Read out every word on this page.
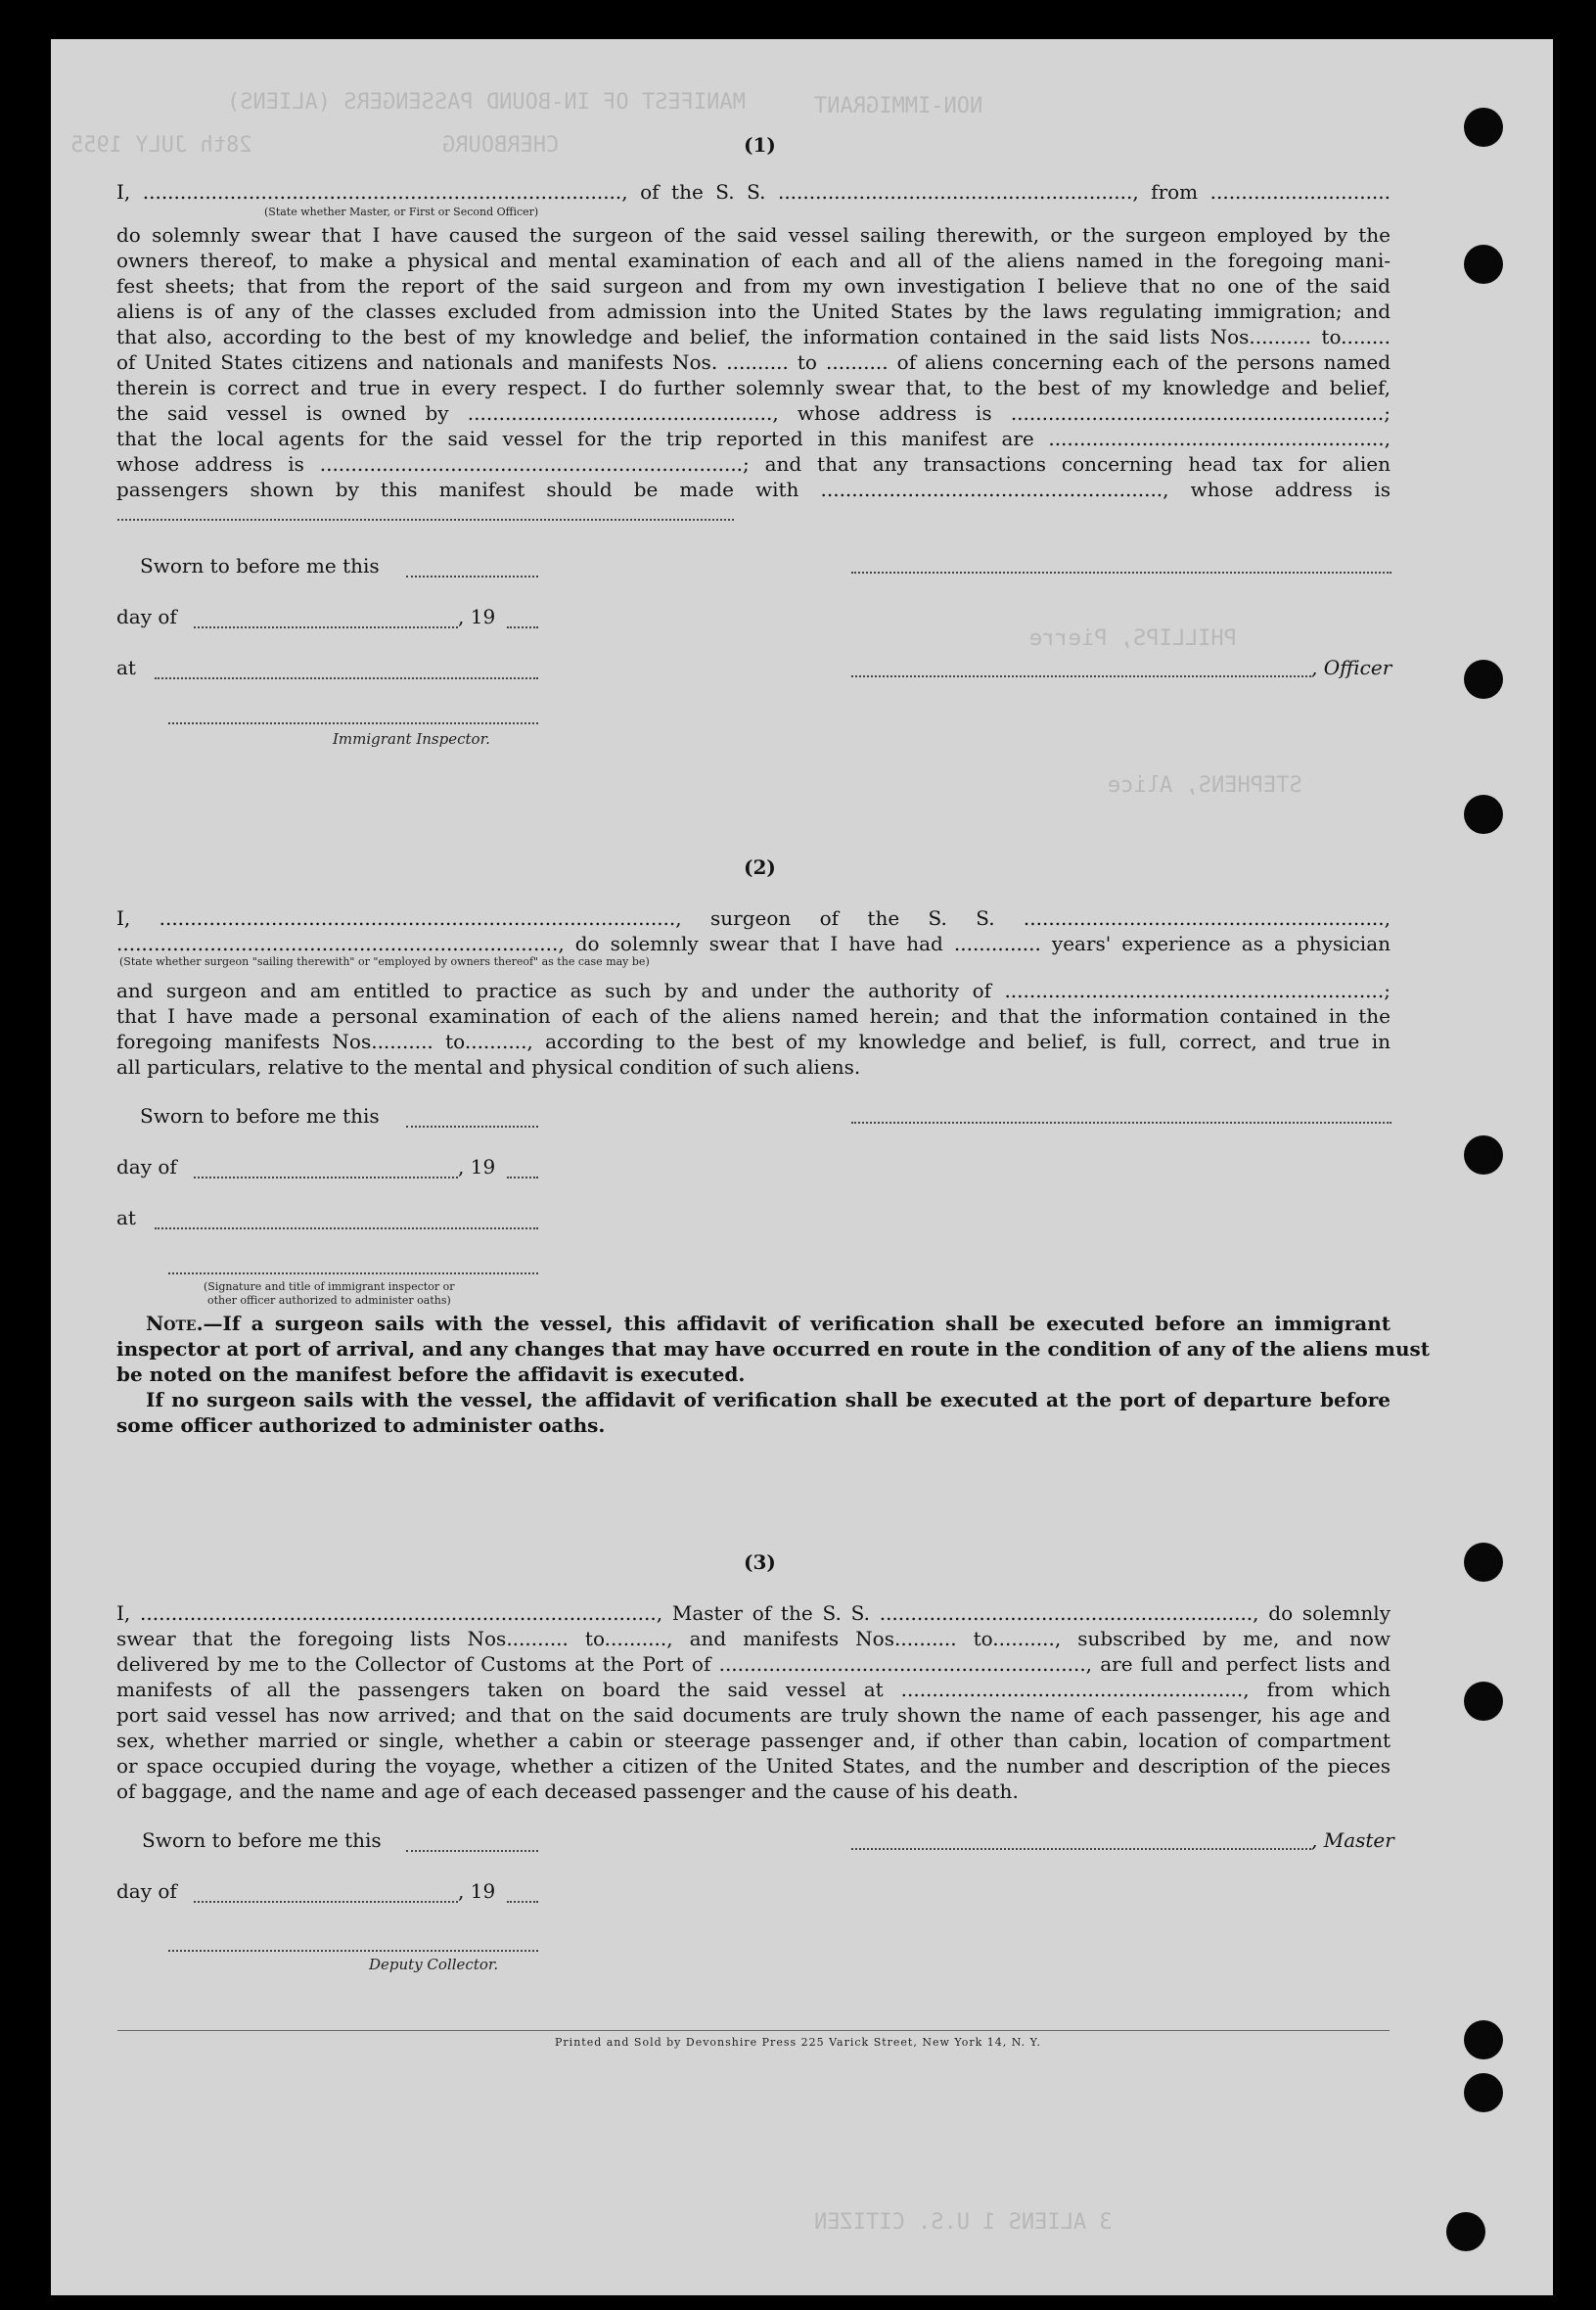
MANIFEST OF IN-BOUND PASSENGERS (ALIENS)	NON-IMMIGRANT
28th JULY 1955	CHERBOURG
PHILLIPS, Pierre
STEPHENS, Alice
3 ALIENS 1 U.S. CITIZEN
(1)
I, ............................................................................., of the S. S. ........................................................., from .............................
(State whether Master, or First or Second Officer)
do solemnly swear that I have caused the surgeon of the said vessel sailing therewith, or the surgeon employed by the
owners thereof, to make a physical and mental examination of each and all of the aliens named in the foregoing mani-
fest sheets; that from the report of the said surgeon and from my own investigation I believe that no one of the said
aliens is of any of the classes excluded from admission into the United States by the laws regulating immigration; and
that also, according to the best of my knowledge and belief, the information contained in the said lists Nos.......... to........
of United States citizens and nationals and manifests Nos. .......... to .......... of aliens concerning each of the persons named
therein is correct and true in every respect. I do further solemnly swear that, to the best of my knowledge and belief,
the said vessel is owned by ................................................., whose address is ............................................................;
that the local agents for the said vessel for the trip reported in this manifest are ......................................................,
whose address is ....................................................................; and that any transactions concerning head tax for alien
passengers shown by this manifest should be made with ......................................................., whose address is
Sworn to before me this
day of	, 19
at	, Officer
Immigrant Inspector.
(2)
I, ..................................................................................., surgeon of the S. S. ..........................................................,
......................................................................., do solemnly swear that I have had .............. years' experience as a physician
(State whether surgeon "sailing therewith" or "employed by owners thereof" as the case may be)
and surgeon and am entitled to practice as such by and under the authority of .............................................................;
that I have made a personal examination of each of the aliens named herein; and that the information contained in the
foregoing manifests Nos.......... to.........., according to the best of my knowledge and belief, is full, correct, and true in
all particulars, relative to the mental and physical condition of such aliens.
Sworn to before me this
day of	, 19
at
(Signature and title of immigrant inspector or
other officer authorized to administer oaths)
Note.—If a surgeon sails with the vessel, this affidavit of verification shall be executed before an immigrant
inspector at port of arrival, and any changes that may have occurred en route in the condition of any of the aliens must
be noted on the manifest before the affidavit is executed.
If no surgeon sails with the vessel, the affidavit of verification shall be executed at the port of departure before
some officer authorized to administer oaths.
(3)
I, ..................................................................................., Master of the S. S. ............................................................, do solemnly
swear that the foregoing lists Nos.......... to.........., and manifests Nos.......... to.........., subscribed by me, and now
delivered by me to the Collector of Customs at the Port of ..........................................................., are full and perfect lists and
manifests of all the passengers taken on board the said vessel at ......................................................., from which
port said vessel has now arrived; and that on the said documents are truly shown the name of each passenger, his age and
sex, whether married or single, whether a cabin or steerage passenger and, if other than cabin, location of compartment
or space occupied during the voyage, whether a citizen of the United States, and the number and description of the pieces
of baggage, and the name and age of each deceased passenger and the cause of his death.
Sworn to before me this	, Master
day of	, 19
Deputy Collector.
Printed and Sold by Devonshire Press 225 Varick Street, New York 14, N. Y.
